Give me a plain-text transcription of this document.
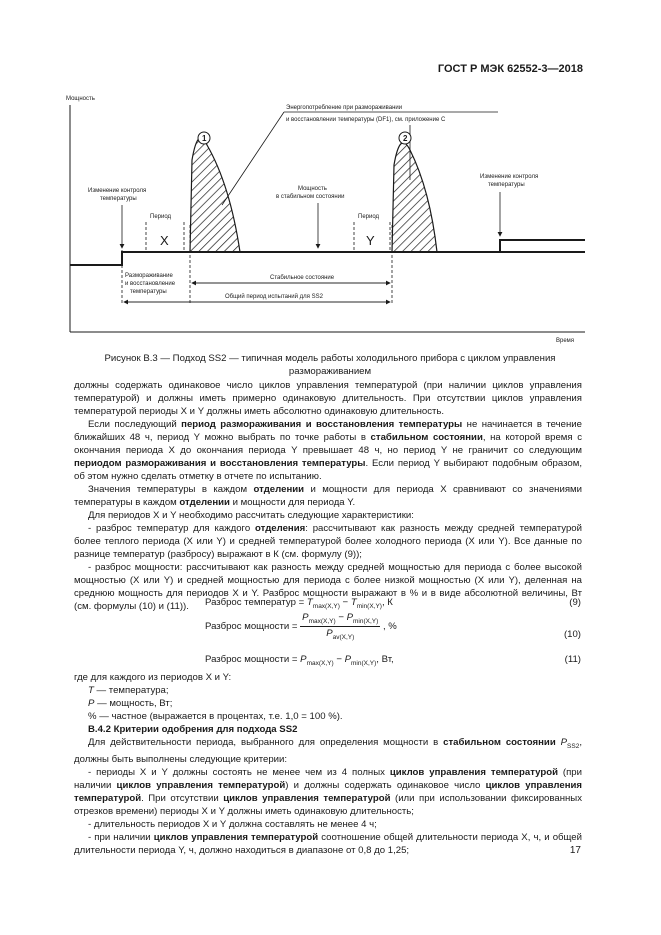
ГОСТ Р МЭК 62552-3—2018
Мощность
Время
Энергопотребление при размораживании
и восстановлении температуры (DF1), см. приложение С
1	2
Изменение контроля
температуры
Изменение контроля
температуры
Мощность
в стабильном состоянии
Период
X
Период
Y
Размораживание
и восстановление
температуры
Стабильное состояние
Общий период испытаний для SS2
Рисунок В.3 — Подход SS2 — типичная модель работы холодильного прибора с циклом управления
размораживанием

должны содержать одинаковое число циклов управления температурой (при наличии циклов управления температурой) и должны иметь примерно одинаковую длительность. При отсутствии циклов управления температурой периоды X и Y должны иметь абсолютно одинаковую длительность.

Если последующий период размораживания и восстановления температуры не начинается в течение ближайших 48 ч, период Y можно выбрать по точке работы в стабильном состоянии, на которой время с окончания периода X до окончания периода Y превышает 48 ч, но период Y не граничит со следующим периодом размораживания и восстановления температуры. Если период Y выбирают подобным образом, об этом нужно сделать отметку в отчете по испытанию.

Значения температуры в каждом отделении и мощности для периода X сравнивают со значениями температуры в каждом отделении и мощности для периода Y.

Для периодов X и Y необходимо рассчитать следующие характеристики:

- разброс температур для каждого отделения: рассчитывают как разность между средней температурой более теплого периода (X или Y) и средней температурой более холодного периода (X или Y). Все данные по разнице температур (разбросу) выражают в К (см. формулу (9));

- разброс мощности: рассчитывают как разность между средней мощностью для периода с более высокой мощностью (X или Y) и средней мощностью для периода с более низкой мощностью (X или Y), деленная на среднюю мощность для периодов X и Y. Разброс мощности выражают в % и в виде абсолютной величины, Вт (см. формулы (10) и (11)).	Разброс температур = $T_{max(X,Y)} - T_{min(X,Y)}$, К	(9)
Разброс мощности = $\frac{P_{max(X,Y)} - P_{min(X,Y)}}{P_{av(X,Y)}}$ , %
(10)
Разброс мощности = $P_{max(X,Y)} - P_{min(X,Y)}$, Вт,	(11)

где для каждого из периодов X и Y:

T — температура;

P — мощность, Вт;

% — частное (выражается в процентах, т.е. 1,0 = 100 %).

В.4.2 Критерии одобрения для подхода SS2

Для действительности периода, выбранного для определения мощности в стабильном состоянии $P_{SS2}$, должны быть выполнены следующие критерии:

- периоды X и Y должны состоять не менее чем из 4 полных циклов управления температурой (при наличии циклов управления температурой) и должны содержать одинаковое число циклов управления температурой. При отсутствии циклов управления температурой (или при использовании фиксированных отрезков времени) периоды X и Y должны иметь одинаковую длительность;

- длительность периодов X и Y должна составлять не менее 4 ч;

- при наличии циклов управления температурой соотношение общей длительности периода X, ч, и общей длительности периода Y, ч, должно находиться в диапазоне от 0,8 до 1,25;	17
